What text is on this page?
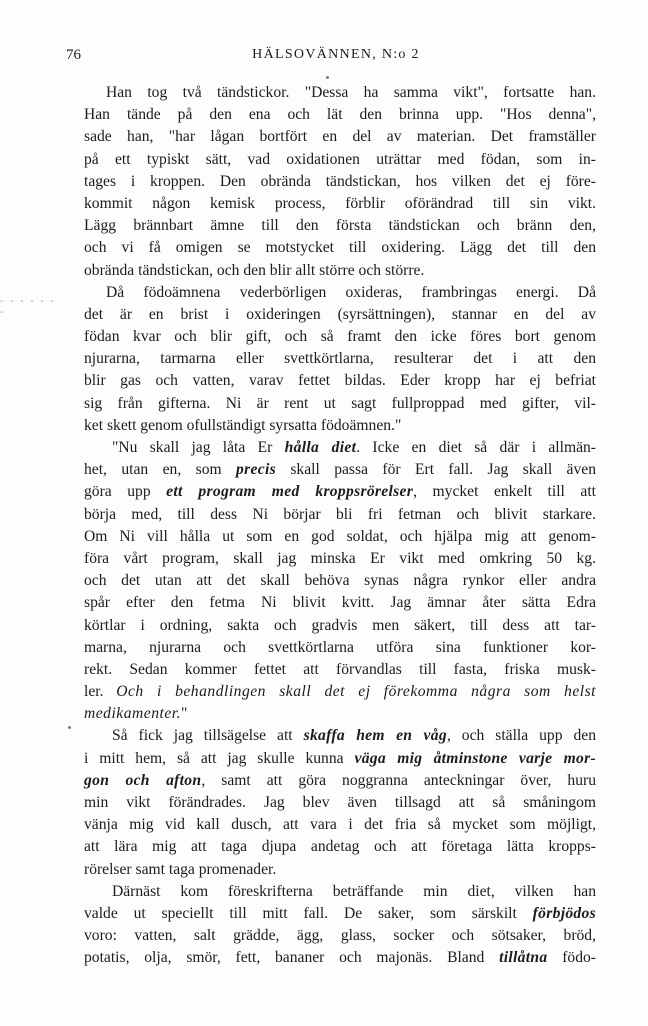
76	HÄLSOVÄNNEN, N:o 2
- - - - - - -
Han tog två tändstickor. "Dessa ha samma vikt", fortsatte han.
Han tände på den ena och lät den brinna upp. "Hos denna",
sade han, "har lågan bortfört en del av materian. Det framställer
på ett typiskt sätt, vad oxidationen uträttar med födan, som in-
tages i kroppen. Den obrända tändstickan, hos vilken det ej före-
kommit någon kemisk process, förblir oförändrad till sin vikt.
Lägg brännbart ämne till den första tändstickan och bränn den,
och vi få omigen se motstycket till oxidering. Lägg det till den
obrända tändstickan, och den blir allt större och större.
Då födoämnena vederbörligen oxideras, frambringas energi. Då
det är en brist i oxideringen (syrsättningen), stannar en del av
födan kvar och blir gift, och så framt den icke föres bort genom
njurarna, tarmarna eller svettkörtlarna, resulterar det i att den
blir gas och vatten, varav fettet bildas. Eder kropp har ej befriat
sig från gifterna. Ni är rent ut sagt fullproppad med gifter, vil-
ket skett genom ofullständigt syrsatta födoämnen."
"Nu skall jag låta Er hålla diet. Icke en diet så där i allmän-
het, utan en, som precis skall passa för Ert fall. Jag skall även
göra upp ett program med kroppsrörelser, mycket enkelt till att
börja med, till dess Ni börjar bli fri fetman och blivit starkare.
Om Ni vill hålla ut som en god soldat, och hjälpa mig att genom-
föra vårt program, skall jag minska Er vikt med omkring 50 kg.
och det utan att det skall behöva synas några rynkor eller andra
spår efter den fetma Ni blivit kvitt. Jag ämnar åter sätta Edra
körtlar i ordning, sakta och gradvis men säkert, till dess att tar-
marna, njurarna och svettkörtlarna utföra sina funktioner kor-
rekt. Sedan kommer fettet att förvandlas till fasta, friska musk-
ler. Och i behandlingen skall det ej förekomma några som helst
medikamenter."
Så fick jag tillsägelse att skaffa hem en våg, och ställa upp den
i mitt hem, så att jag skulle kunna väga mig åtminstone varje mor-
gon och afton, samt att göra noggranna anteckningar över, huru
min vikt förändrades. Jag blev även tillsagd att så småningom
vänja mig vid kall dusch, att vara i det fria så mycket som möjligt,
att lära mig att taga djupa andetag och att företaga lätta kropps-
rörelser samt taga promenader.
Därnäst kom föreskrifterna beträffande min diet, vilken han
valde ut speciellt till mitt fall. De saker, som särskilt förbjödos
voro: vatten, salt grädde, ägg, glass, socker och sötsaker, bröd,
potatis, olja, smör, fett, bananer och majonäs. Bland tillåtna födo-
